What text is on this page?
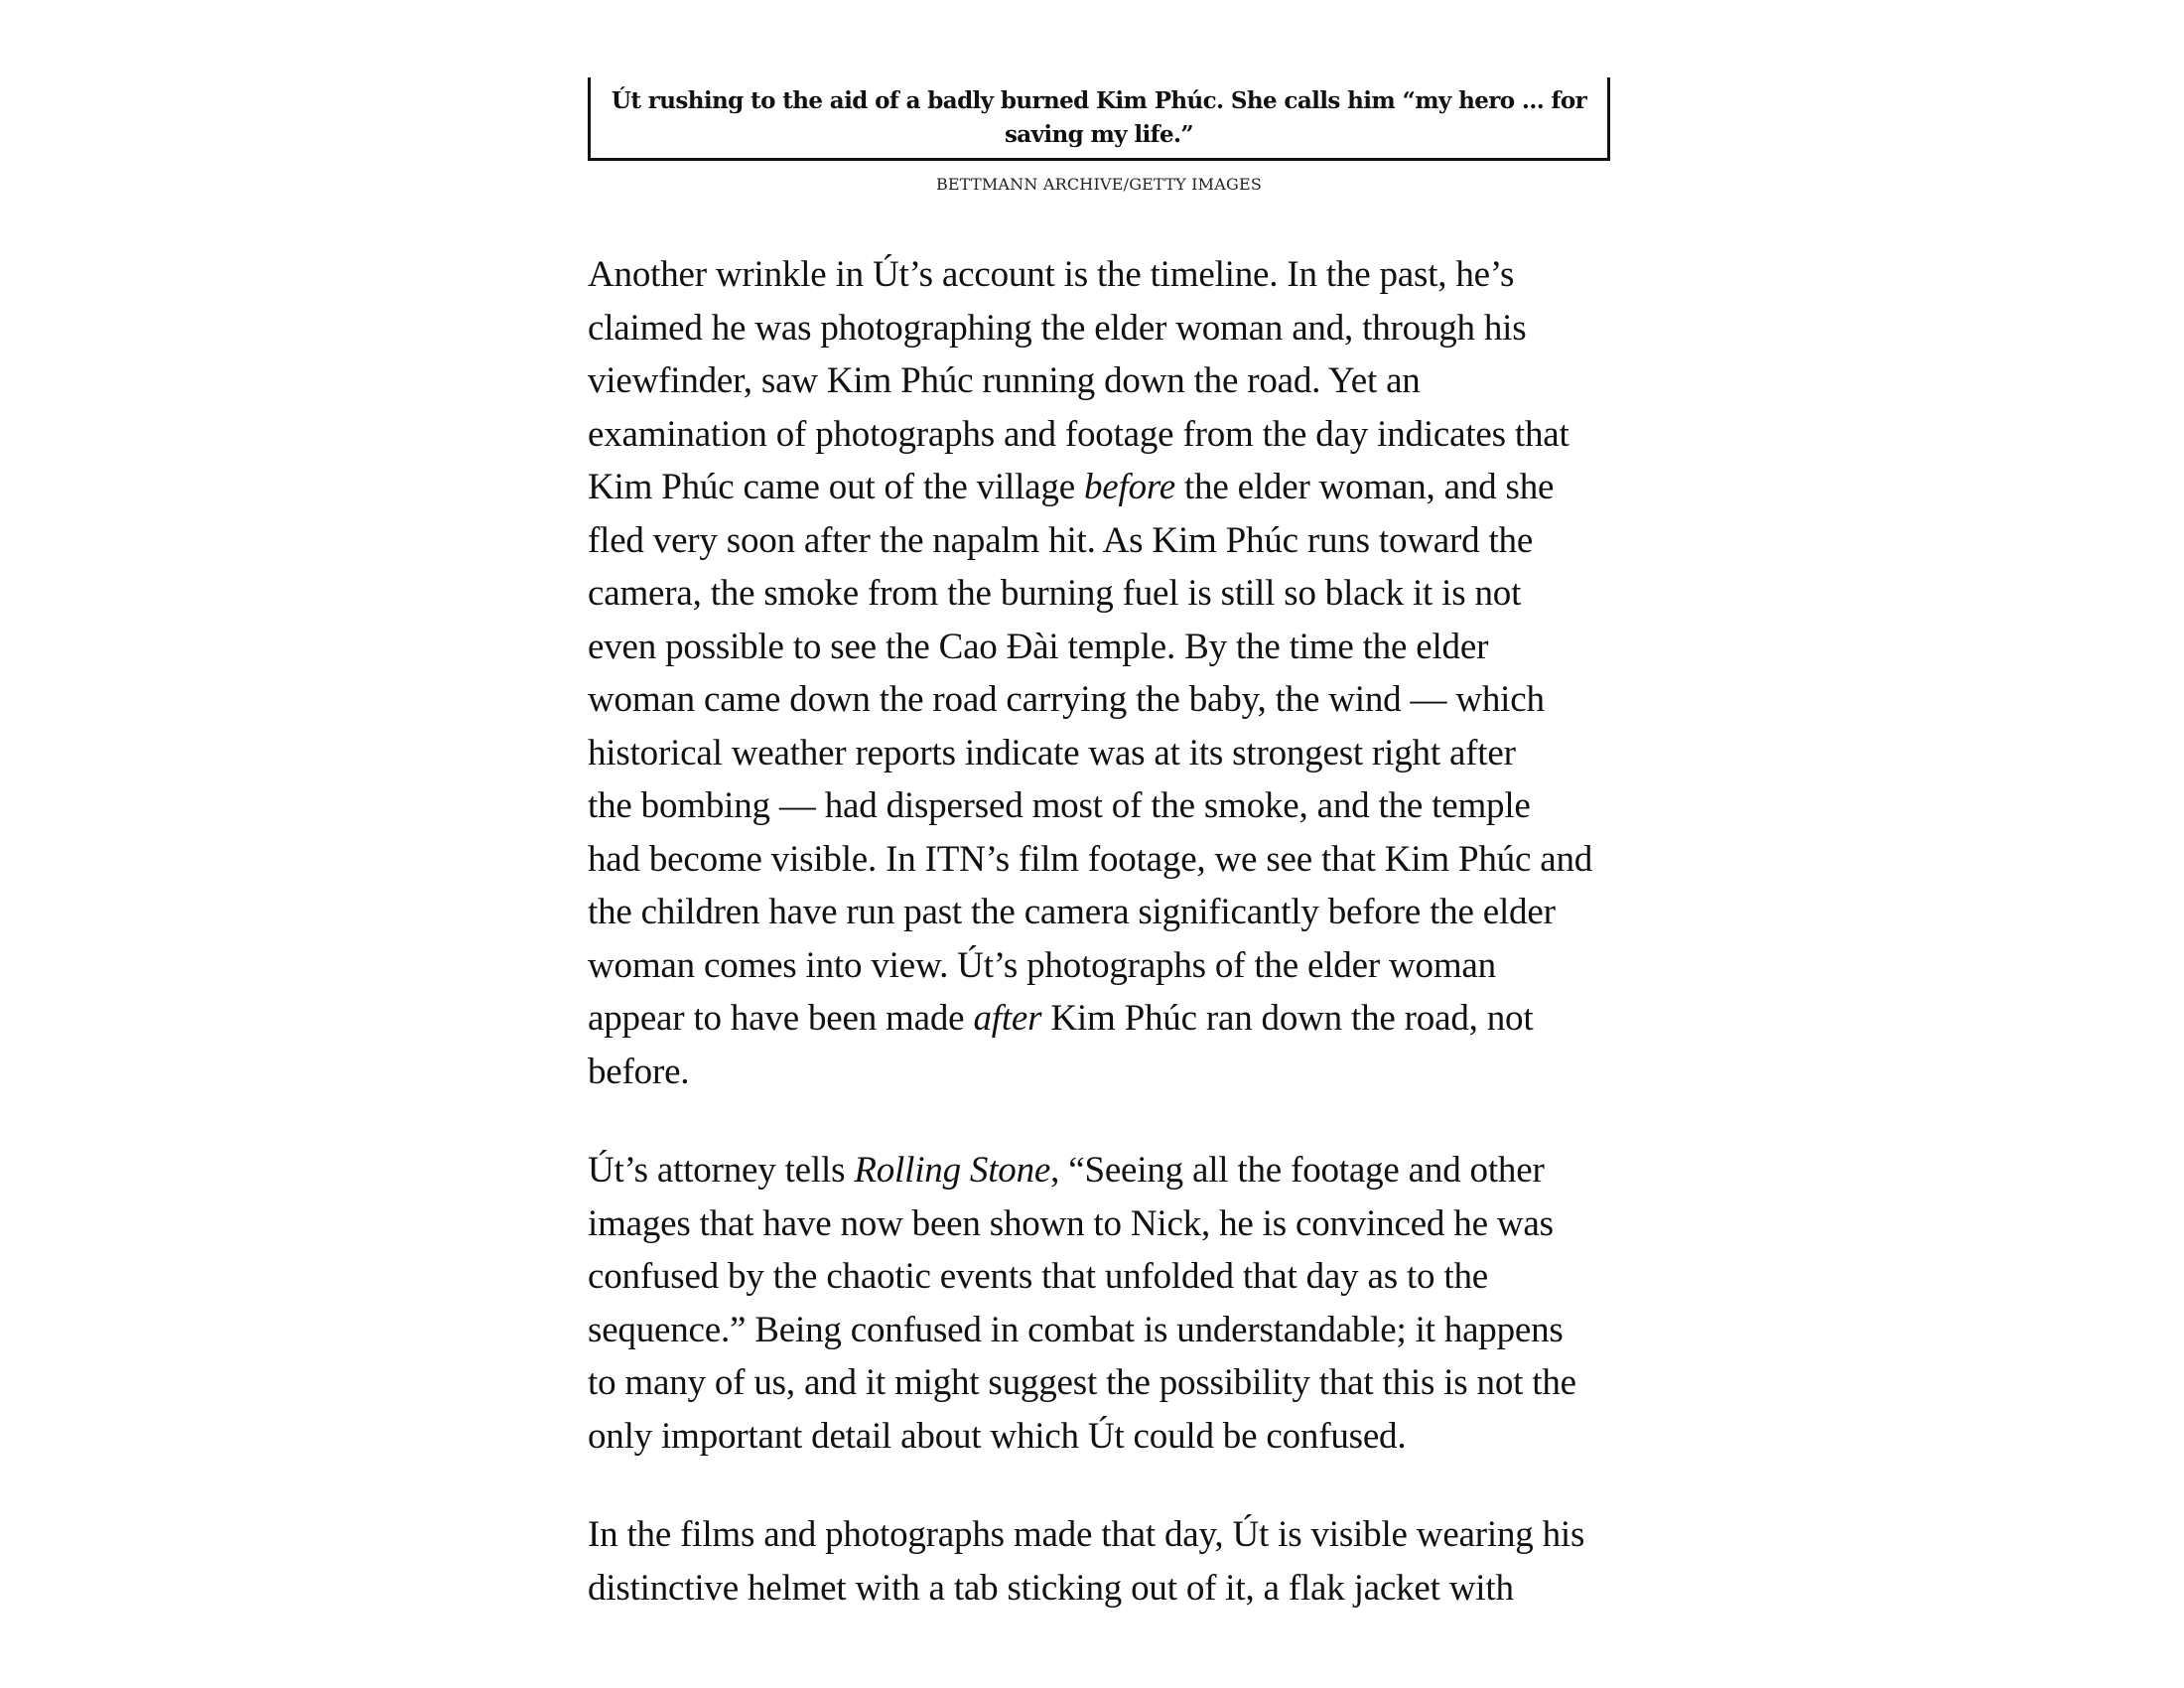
Út rushing to the aid of a badly burned Kim Phúc. She calls him “my hero ... for
saving my life.”
BETTMANN ARCHIVE/GETTY IMAGES

Another wrinkle in Út’s account is the timeline. In the past, he’s
claimed he was photographing the elder woman and, through his
viewfinder, saw Kim Phúc running down the road. Yet an
examination of photographs and footage from the day indicates that
Kim Phúc came out of the village before the elder woman, and she
fled very soon after the napalm hit. As Kim Phúc runs toward the
camera, the smoke from the burning fuel is still so black it is not
even possible to see the Cao Đài temple. By the time the elder
woman came down the road carrying the baby, the wind — which
historical weather reports indicate was at its strongest right after
the bombing — had dispersed most of the smoke, and the temple
had become visible. In ITN’s film footage, we see that Kim Phúc and
the children have run past the camera significantly before the elder
woman comes into view. Út’s photographs of the elder woman
appear to have been made after Kim Phúc ran down the road, not
before.

Út’s attorney tells Rolling Stone, “Seeing all the footage and other
images that have now been shown to Nick, he is convinced he was
confused by the chaotic events that unfolded that day as to the
sequence.” Being confused in combat is understandable; it happens
to many of us, and it might suggest the possibility that this is not the
only important detail about which Út could be confused.

In the films and photographs made that day, Út is visible wearing his
distinctive helmet with a tab sticking out of it, a flak jacket with
